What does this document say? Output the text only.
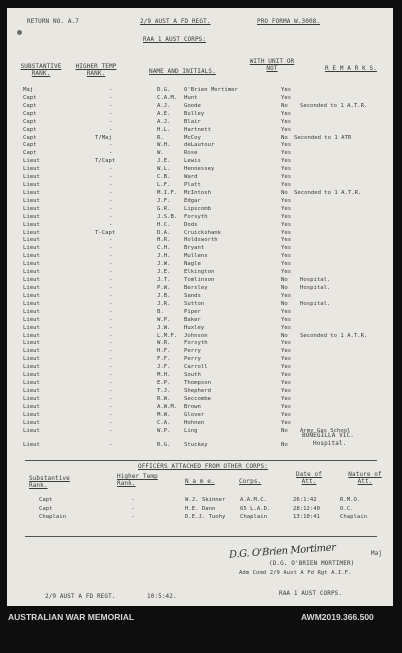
RETURN NO. A.7	2/9 AUST A FD REGT.	PRO FORMA W.3008.
RAA 1 AUST CORPS:
SUBSTANTIVE RANK.
HIGHER TEMP RANK.	NAME AND INITIALS.
WITH UNIT OR NOT	R E M A R K S.
Maj	-	D.G. O'Brien Mortimer	Yes
Capt	-	C.A.M. Hunt	Yes
Capt	-	A.J. Goode	No Seconded to 1 A.T.R.
Capt	-	A.E. Bulley	Yes
Capt	-	A.J. Blair	Yes
Capt	-	H.L. Hartnett	Yes
Capt	T/Maj	R.	McCoy	No Seconded to 1 ATR
Capt	-	W.H. deLautour	Yes
Capt	-	W.	Rose	Yes
Lieut	T/Capt	J.E. Lewis	Yes
Lieut	-	W.L. Hennessey	Yes
Lieut	-	C.B. Ward	Yes
Lieut	-	L.F. Platt	Yes
Lieut	-	M.I.F. McIntosh	No Seconded to 1 A.T.R.
Lieut	-	J.F. Edgar	Yes
Lieut	-	G.R. Lipscomb	Yes
Lieut	-	J.S.B. Forsyth	Yes
Lieut	-	H.C. Dods	Yes
Lieut	T-Capt	D.A. Cruickshank	Yes
Lieut	-	H.R. Holdsworth	Yes
Lieut	-	C.H. Bryant	Yes
Lieut	-	J.H. Mullens	Yes
Lieut	-	J.W. Nagle	Yes
Lieut	-	J.E. Elkington	Yes
Lieut	-	J.T. Tomlinson	No Hospital.
Lieut	-	P.W. Bersley	No Hospital.
Lieut	-	J.B. Sands	Yes
Lieut	-	J.R. Sutton	No Hospital.
Lieut	-	B.	Piper	Yes
Lieut	-	W.P. Baker	Yes
Lieut	-	J.W. Huxley	Yes
Lieut	-	L.M.F. Johnson	No Seconded to 1 A.T.R.
Lieut	-	W.R. Forsyth	Yes
Lieut	-	H.F. Perry	Yes
Lieut	-	F.F. Perry	Yes
Lieut	-	J.F. Carroll	Yes
Lieut	-	M.H. South	Yes
Lieut	-	E.P. Thompson	Yes
Lieut	-	T.J. Shepherd	Yes
Lieut	-	R.W. Seccombe	Yes
Lieut	-	A.W.M. Brown	Yes
Lieut	-	M.W. Glover	Yes
Lieut	-	C.A. Hohnen	Yes
Lieut	-	W.P. Ling	No Army Gas School
BONEGILLA VIC.
Hospital.
Lieut	-	R.G. Stuckey	No
OFFICERS ATTACHED FROM OTHER CORPS:
Substantive Rank.
Higher Temp Rank.	N a m e.	Corps.
Date of Att.
Nature of Att.
Capt	-	W.J. Skinner	A.A.M.C.	26:1:42	R.M.O.
Capt	-	H.E. Dann	65 L.A.D.	28:12:40	O.C.
Chaplain	-	D.E.J. Tuohy	Chaplain	13:10:41	Chaplain
D.G. O'Brien Mortimer	Maj
(D.G. O'BRIEN MORTIMER)
Adm Comd 2/9 Aust A Fd Rgt A.I.F.
2/9 AUST A FD REGT.	10:5:42.	RAA 1 AUST CORPS.
AUSTRALIAN WAR MEMORIAL	AWM2019.366.500
